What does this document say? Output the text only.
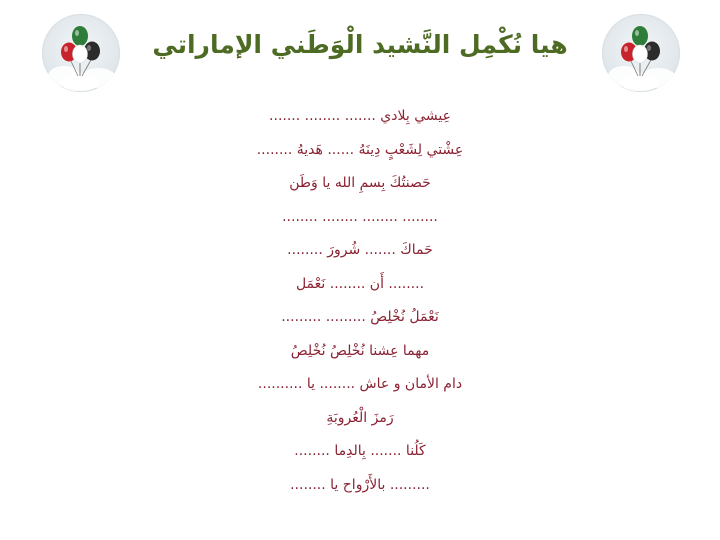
هيا نُكْمِل النَّشيد الْوَطَني الإماراتي
عِيشي بِلادي ....... ........ .......
عِشْتي لِشَعْبٍ دِينَهُ ...... هَديهُ ........
حَصنتُكَ بِسمِ الله يا وَطَن
........ ........ ........ ........
حَماكَ ....... شُرورَ ........
........ أَن ........ نَعْمَل
نَعْمَلُ نُخْلِصُ ......... .........
مهما عِشنا نُخْلِصُ نُخْلِصُ
دام الأمان و عاش ........ يا ..........
رَمزَ الْعُروبَةِ
كَلُنا ....... بِالدِما ........
......... بالأَرْواح يا ........
